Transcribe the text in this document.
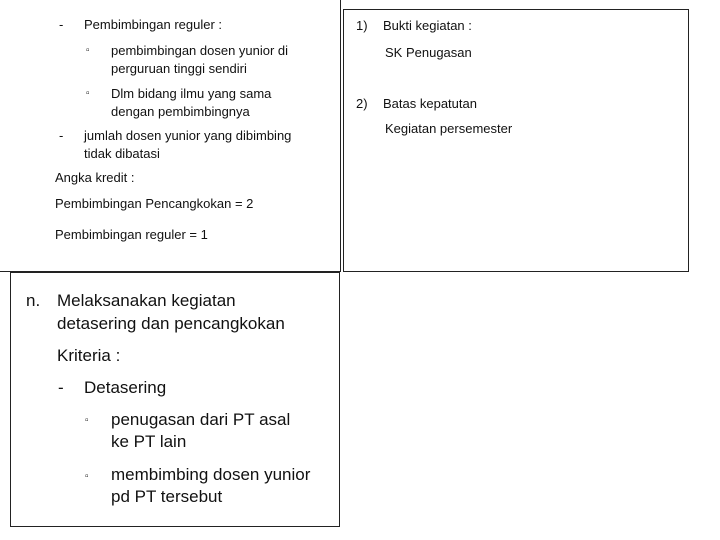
- Pembimbingan reguler :
▫ pembimbingan dosen yunior di
perguruan tinggi sendiri
▫ Dlm bidang ilmu yang sama
dengan pembimbingnya
- jumlah dosen yunior yang dibimbing
tidak dibatasi
Angka kredit :
Pembimbingan Pencangkokan = 2
Pembimbingan reguler = 1
1) Bukti kegiatan :
SK Penugasan
2) Batas kepatutan
Kegiatan persemester
n. Melaksanakan kegiatan
detasering dan pencangkokan
Kriteria :
- Detasering
▫ penugasan dari PT asal
ke PT lain
▫ membimbing dosen yunior
pd PT tersebut
